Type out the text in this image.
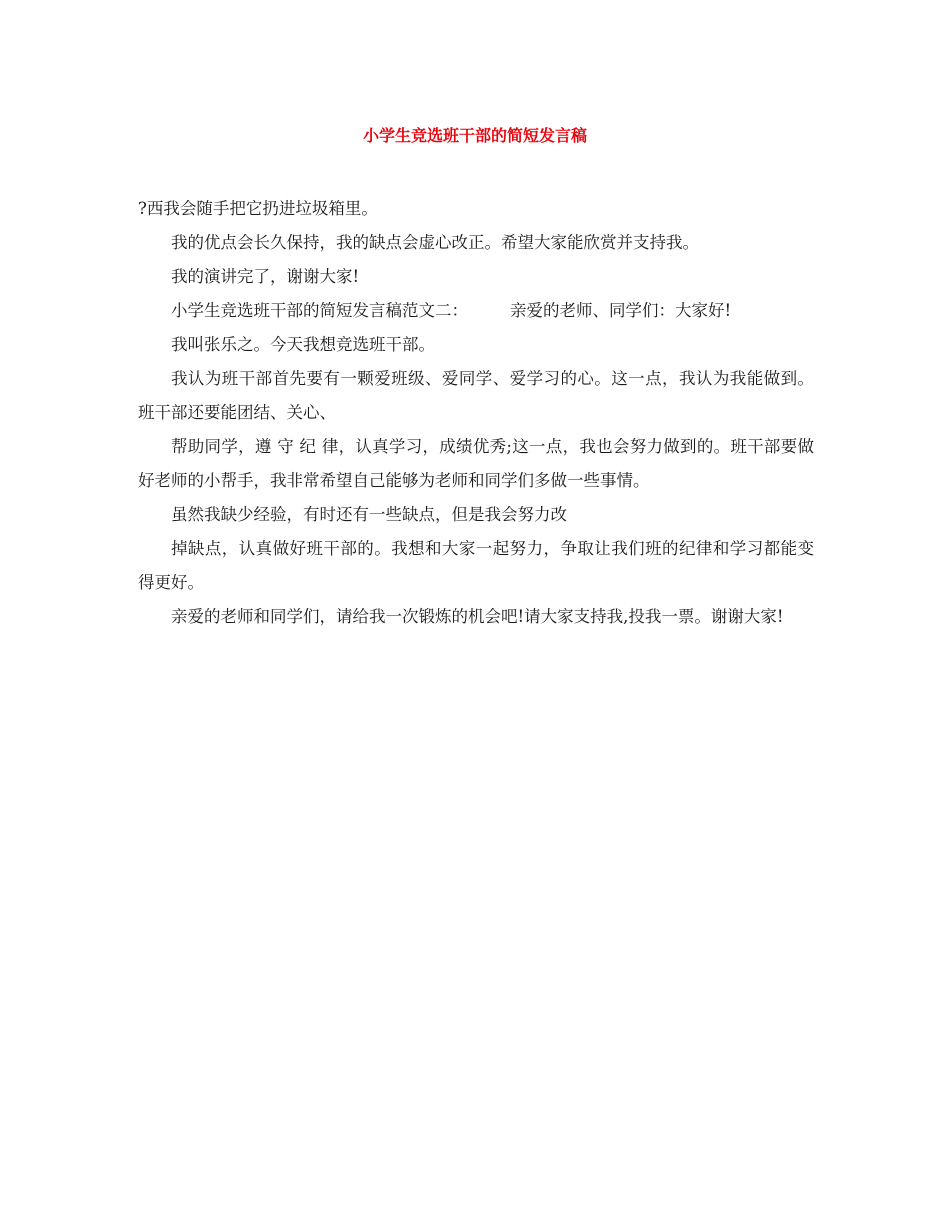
小学生竞选班干部的简短发言稿

?西我会随手把它扔进垃圾箱里。

我的优点会长久保持，我的缺点会虚心改正。希望大家能欣赏并支持我。

我的演讲完了，谢谢大家!

小学生竞选班干部的简短发言稿范文二：        亲爱的老师、同学们：大家好!

我叫张乐之。今天我想竞选班干部。

我认为班干部首先要有一颗爱班级、爱同学、爱学习的心。这一点，我认为我能做到。班干部还要能团结、关心、

帮助同学，遵 守 纪 律，认真学习，成绩优秀;这一点，我也会努力做到的。班干部要做好老师的小帮手，我非常希望自己能够为老师和同学们多做一些事情。

虽然我缺少经验，有时还有一些缺点，但是我会努力改

掉缺点，认真做好班干部的。我想和大家一起努力，争取让我们班的纪律和学习都能变得更好。

亲爱的老师和同学们，请给我一次锻炼的机会吧!请大家支持我,投我一票。谢谢大家!
